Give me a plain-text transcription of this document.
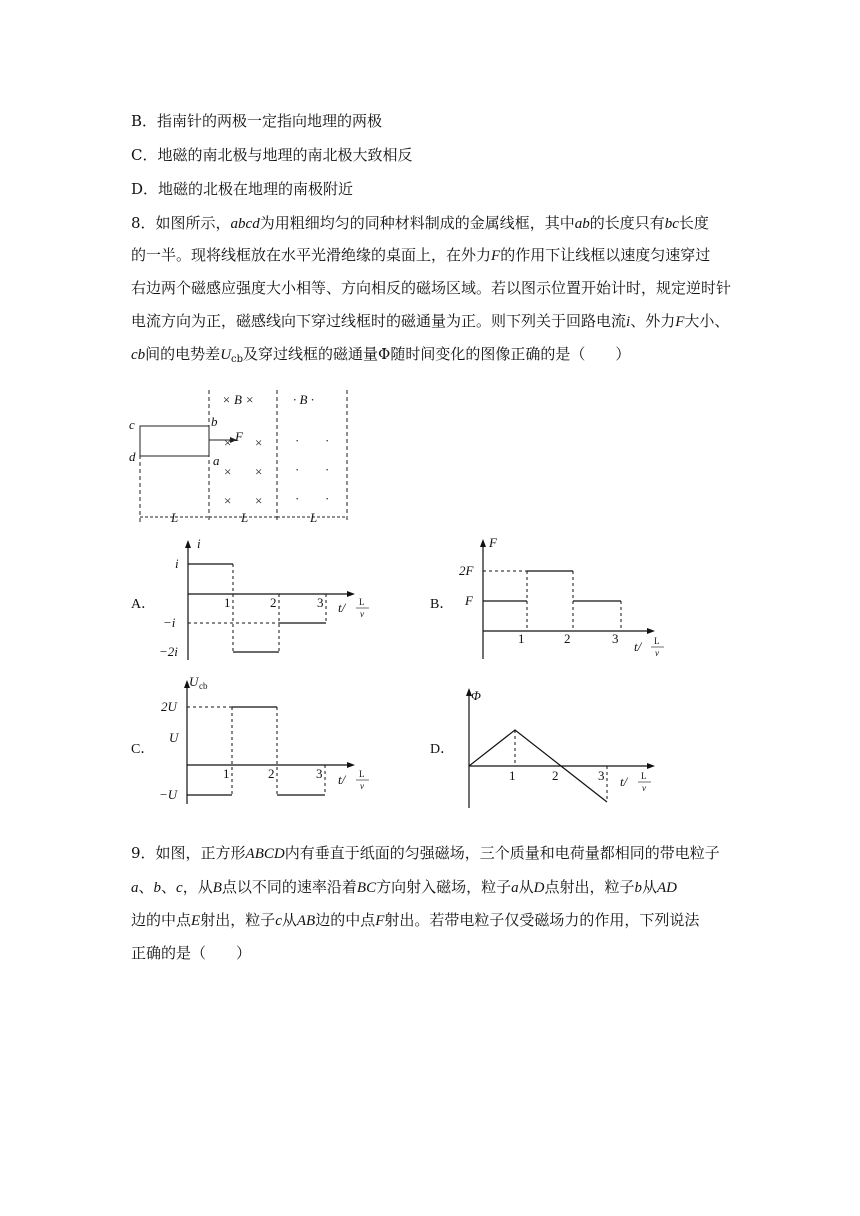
B．指南针的两极一定指向地理的两极
C．地磁的南北极与地理的南北极大致相反
D．地磁的北极在地理的南极附近
8．如图所示，abcd为用粗细均匀的同种材料制成的金属线框，其中ab的长度只有bc长度
的一半。现将线框放在水平光滑绝缘的桌面上，在外力F的作用下让线框以速度匀速穿过
右边两个磁感应强度大小相等、方向相反的磁场区域。若以图示位置开始计时，规定逆时针
电流方向为正，磁感线向下穿过线框时的磁通量为正。则下列关于回路电流i、外力F大小、
cb间的电势差$U_{cb}$及穿过线框的磁通量Φ随时间变化的图像正确的是（　　）
× ×
× ×
× ×
· ·
· ·
· ·
c
d
b
a
F
× B ×	· B ·
L	L	L
A．
i
i
−i
−2i
1	2	3 t/ L
v
B．
F
2F
F
1	2	3
t/ L
v
C．
U cb
2U
U
−U
1	2	3 t/ L
v
D．
Φ
1	2	3 t/ L
v
9．如图，正方形ABCD内有垂直于纸面的匀强磁场，三个质量和电荷量都相同的带电粒子
a、b、c，从B点以不同的速率沿着BC方向射入磁场，粒子a从D点射出，粒子b从AD
边的中点E射出，粒子c从AB边的中点F射出。若带电粒子仅受磁场力的作用，下列说法
正确的是（　　）
